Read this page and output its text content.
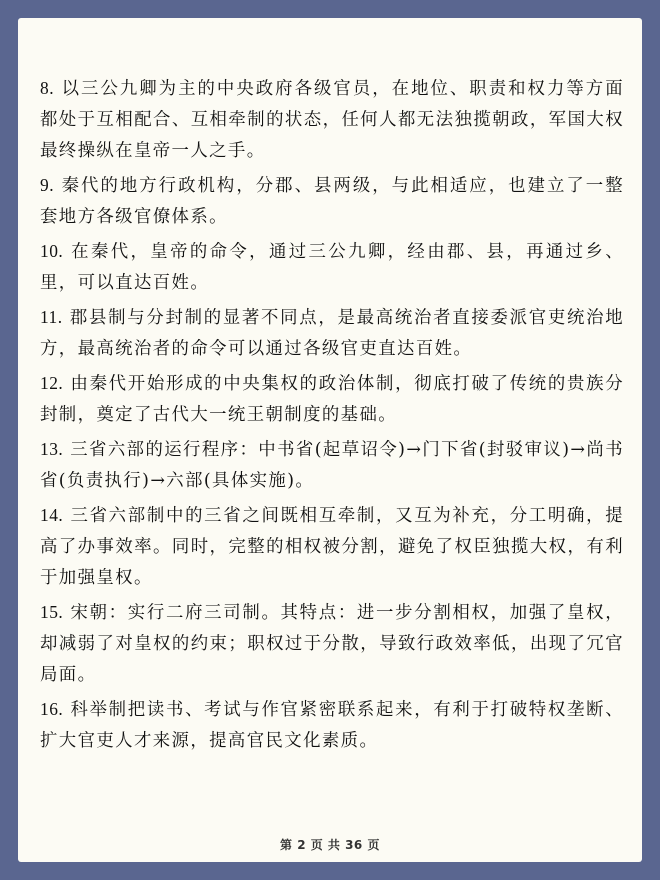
8. 以三公九卿为主的中央政府各级官员，在地位、职责和权力等方面都处于互相配合、互相牵制的状态，任何人都无法独揽朝政，军国大权最终操纵在皇帝一人之手。

9. 秦代的地方行政机构，分郡、县两级，与此相适应，也建立了一整套地方各级官僚体系。

10. 在秦代，皇帝的命令，通过三公九卿，经由郡、县，再通过乡、里，可以直达百姓。

11. 郡县制与分封制的显著不同点，是最高统治者直接委派官吏统治地方，最高统治者的命令可以通过各级官吏直达百姓。

12. 由秦代开始形成的中央集权的政治体制，彻底打破了传统的贵族分封制，奠定了古代大一统王朝制度的基础。

13. 三省六部的运行程序：中书省(起草诏令)→门下省(封驳审议)→尚书省(负责执行)→六部(具体实施)。

14. 三省六部制中的三省之间既相互牵制，又互为补充，分工明确，提高了办事效率。同时，完整的相权被分割，避免了权臣独揽大权，有利于加强皇权。

15. 宋朝：实行二府三司制。其特点：进一步分割相权，加强了皇权，却减弱了对皇权的约束；职权过于分散，导致行政效率低，出现了冗官局面。

16. 科举制把读书、考试与作官紧密联系起来，有利于打破特权垄断、扩大官吏人才来源，提高官民文化素质。

第 2 页 共 36 页
